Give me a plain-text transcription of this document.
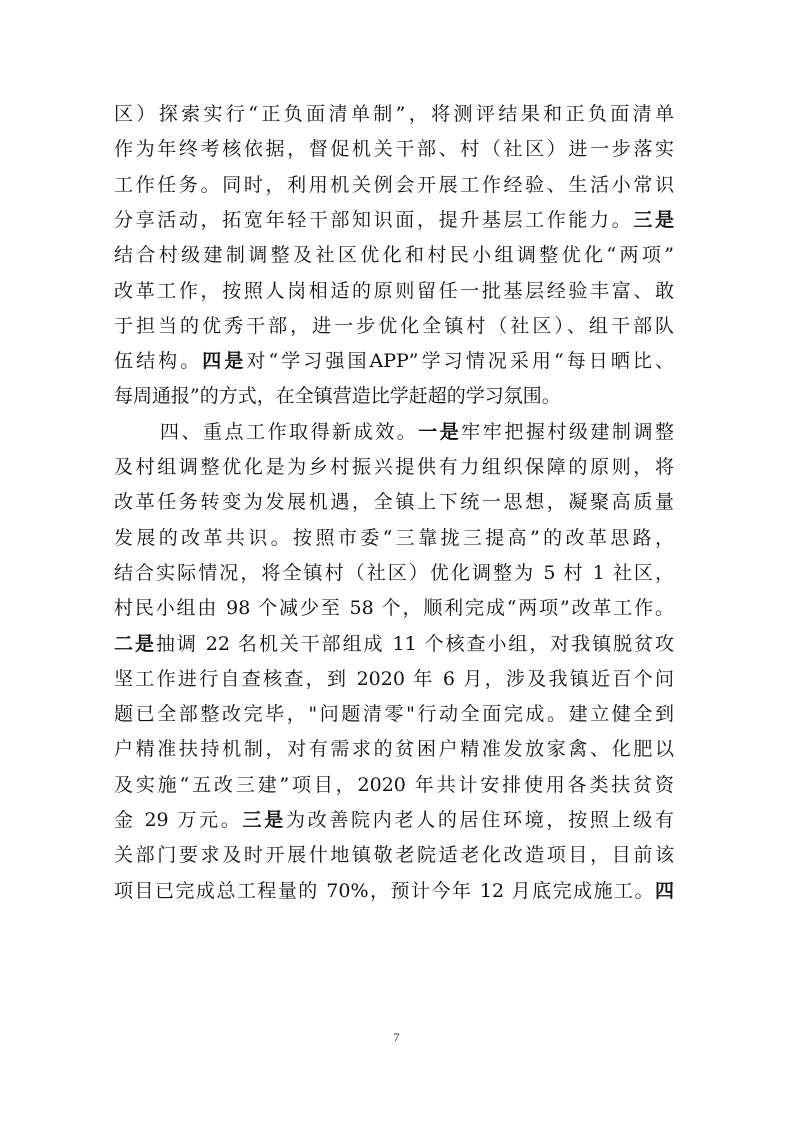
区）探索实行“正负面清单制”，将测评结果和正负面清单
作为年终考核依据，督促机关干部、村（社区）进一步落实
工作任务。同时，利用机关例会开展工作经验、生活小常识
分享活动，拓宽年轻干部知识面，提升基层工作能力。三是
结合村级建制调整及社区优化和村民小组调整优化“两项”
改革工作，按照人岗相适的原则留任一批基层经验丰富、敢
于担当的优秀干部，进一步优化全镇村（社区）、组干部队
伍结构。四是对“学习强国APP”学习情况采用“每日晒比、
每周通报”的方式，在全镇营造比学赶超的学习氛围。
四、重点工作取得新成效。一是牢牢把握村级建制调整
及村组调整优化是为乡村振兴提供有力组织保障的原则，将
改革任务转变为发展机遇，全镇上下统一思想，凝聚高质量
发展的改革共识。按照市委“三靠拢三提高”的改革思路，
结合实际情况，将全镇村（社区）优化调整为 5 村 1 社区，
村民小组由 98 个减少至 58 个，顺利完成“两项”改革工作。
二是抽调 22 名机关干部组成 11 个核查小组，对我镇脱贫攻
坚工作进行自查核查，到 2020 年 6 月，涉及我镇近百个问
题已全部整改完毕，"问题清零"行动全面完成。建立健全到
户精准扶持机制，对有需求的贫困户精准发放家禽、化肥以
及实施“五改三建”项目，2020 年共计安排使用各类扶贫资
金 29 万元。三是为改善院内老人的居住环境，按照上级有
关部门要求及时开展什地镇敬老院适老化改造项目，目前该
项目已完成总工程量的 70%，预计今年 12 月底完成施工。四
7
